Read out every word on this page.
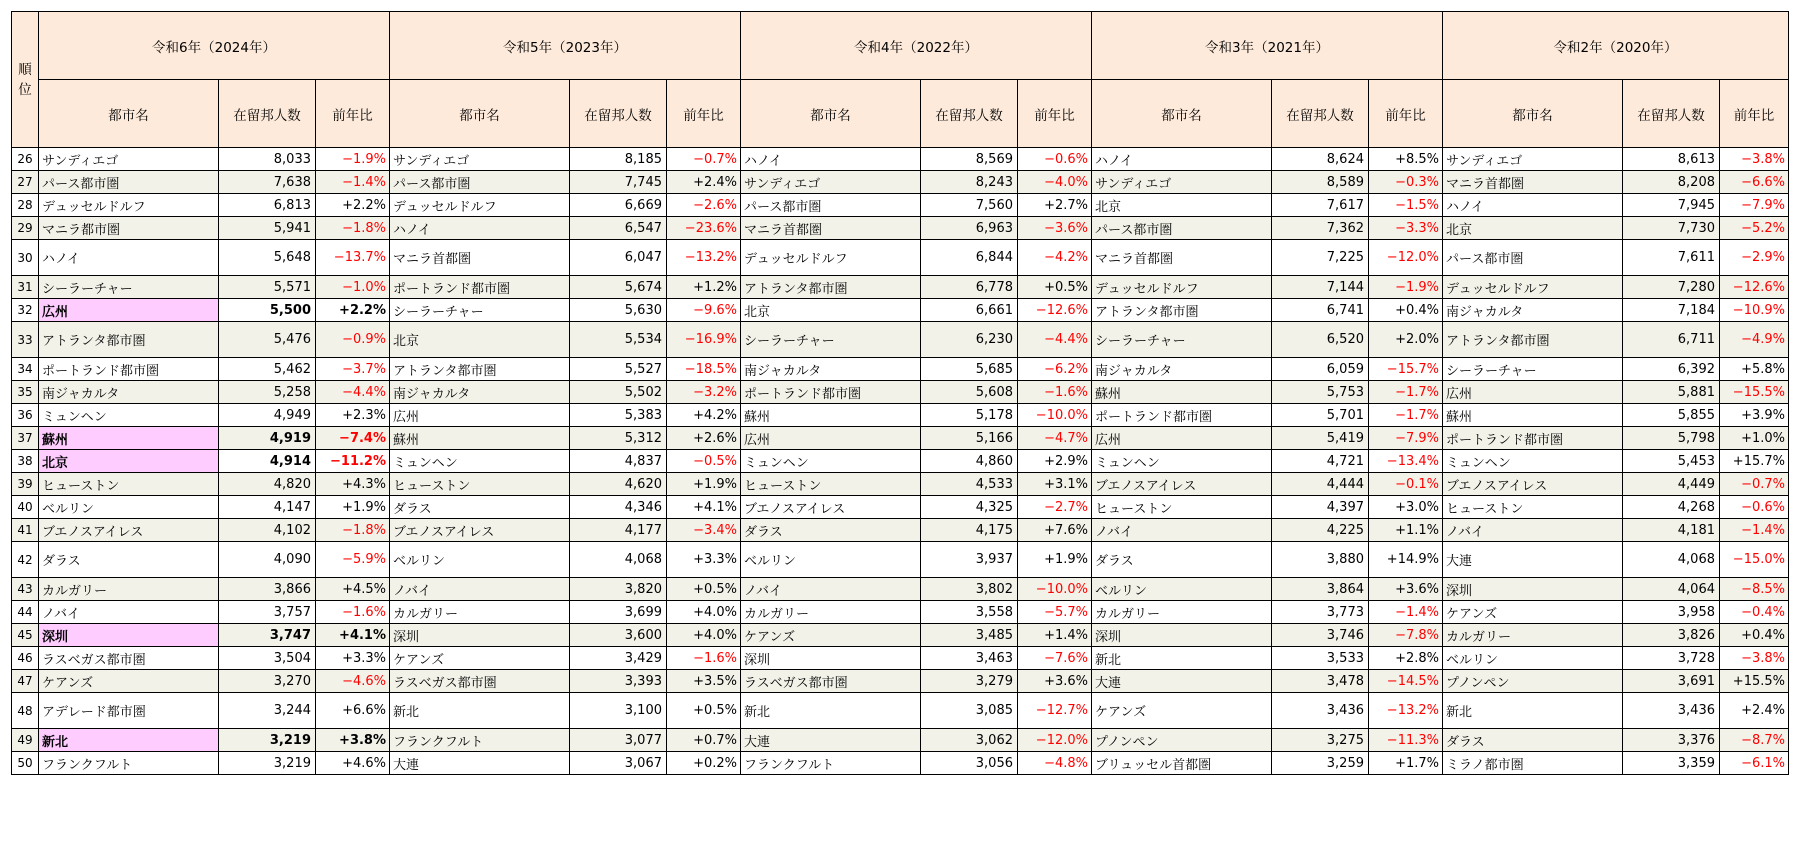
順
位	令和6年（2024年）			令和5年（2023年）			令和4年（2022年）			令和3年（2021年）			令和2年（2020年）		
	都市名	在留邦人数	前年比	都市名	在留邦人数	前年比	都市名	在留邦人数	前年比	都市名	在留邦人数	前年比	都市名	在留邦人数	前年比
26	サンディエゴ	8,033	−1.9%	サンディエゴ	8,185	−0.7%	ハノイ	8,569	−0.6%	ハノイ	8,624	+8.5%	サンディエゴ	8,613	−3.8%
27	パース都市圏	7,638	−1.4%	パース都市圏	7,745	+2.4%	サンディエゴ	8,243	−4.0%	サンディエゴ	8,589	−0.3%	マニラ首都圏	8,208	−6.6%
28	デュッセルドルフ	6,813	+2.2%	デュッセルドルフ	6,669	−2.6%	パース都市圏	7,560	+2.7%	北京	7,617	−1.5%	ハノイ	7,945	−7.9%
29	マニラ都市圏	5,941	−1.8%	ハノイ	6,547	−23.6%	マニラ首都圏	6,963	−3.6%	パース都市圏	7,362	−3.3%	北京	7,730	−5.2%
30	ハノイ	5,648	−13.7%	マニラ首都圏	6,047	−13.2%	デュッセルドルフ	6,844	−4.2%	マニラ首都圏	7,225	−12.0%	パース都市圏	7,611	−2.9%
31	シーラーチャー	5,571	−1.0%	ポートランド都市圏	5,674	+1.2%	アトランタ都市圏	6,778	+0.5%	デュッセルドルフ	7,144	−1.9%	デュッセルドルフ	7,280	−12.6%
32	広州	5,500	+2.2%	シーラーチャー	5,630	−9.6%	北京	6,661	−12.6%	アトランタ都市圏	6,741	+0.4%	南ジャカルタ	7,184	−10.9%
33	アトランタ都市圏	5,476	−0.9%	北京	5,534	−16.9%	シーラーチャー	6,230	−4.4%	シーラーチャー	6,520	+2.0%	アトランタ都市圏	6,711	−4.9%
34	ポートランド都市圏	5,462	−3.7%	アトランタ都市圏	5,527	−18.5%	南ジャカルタ	5,685	−6.2%	南ジャカルタ	6,059	−15.7%	シーラーチャー	6,392	+5.8%
35	南ジャカルタ	5,258	−4.4%	南ジャカルタ	5,502	−3.2%	ポートランド都市圏	5,608	−1.6%	蘇州	5,753	−1.7%	広州	5,881	−15.5%
36	ミュンヘン	4,949	+2.3%	広州	5,383	+4.2%	蘇州	5,178	−10.0%	ポートランド都市圏	5,701	−1.7%	蘇州	5,855	+3.9%
37	蘇州	4,919	−7.4%	蘇州	5,312	+2.6%	広州	5,166	−4.7%	広州	5,419	−7.9%	ポートランド都市圏	5,798	+1.0%
38	北京	4,914	−11.2%	ミュンヘン	4,837	−0.5%	ミュンヘン	4,860	+2.9%	ミュンヘン	4,721	−13.4%	ミュンヘン	5,453	+15.7%
39	ヒューストン	4,820	+4.3%	ヒューストン	4,620	+1.9%	ヒューストン	4,533	+3.1%	ブエノスアイレス	4,444	−0.1%	ブエノスアイレス	4,449	−0.7%
40	ベルリン	4,147	+1.9%	ダラス	4,346	+4.1%	ブエノスアイレス	4,325	−2.7%	ヒューストン	4,397	+3.0%	ヒューストン	4,268	−0.6%
41	ブエノスアイレス	4,102	−1.8%	ブエノスアイレス	4,177	−3.4%	ダラス	4,175	+7.6%	ノバイ	4,225	+1.1%	ノバイ	4,181	−1.4%
42	ダラス	4,090	−5.9%	ベルリン	4,068	+3.3%	ベルリン	3,937	+1.9%	ダラス	3,880	+14.9%	大連	4,068	−15.0%
43	カルガリー	3,866	+4.5%	ノバイ	3,820	+0.5%	ノバイ	3,802	−10.0%	ベルリン	3,864	+3.6%	深圳	4,064	−8.5%
44	ノバイ	3,757	−1.6%	カルガリー	3,699	+4.0%	カルガリー	3,558	−5.7%	カルガリー	3,773	−1.4%	ケアンズ	3,958	−0.4%
45	深圳	3,747	+4.1%	深圳	3,600	+4.0%	ケアンズ	3,485	+1.4%	深圳	3,746	−7.8%	カルガリー	3,826	+0.4%
46	ラスベガス都市圏	3,504	+3.3%	ケアンズ	3,429	−1.6%	深圳	3,463	−7.6%	新北	3,533	+2.8%	ベルリン	3,728	−3.8%
47	ケアンズ	3,270	−4.6%	ラスベガス都市圏	3,393	+3.5%	ラスベガス都市圏	3,279	+3.6%	大連	3,478	−14.5%	プノンペン	3,691	+15.5%
48	アデレード都市圏	3,244	+6.6%	新北	3,100	+0.5%	新北	3,085	−12.7%	ケアンズ	3,436	−13.2%	新北	3,436	+2.4%
49	新北	3,219	+3.8%	フランクフルト	3,077	+0.7%	大連	3,062	−12.0%	プノンペン	3,275	−11.3%	ダラス	3,376	−8.7%
50	フランクフルト	3,219	+4.6%	大連	3,067	+0.2%	フランクフルト	3,056	−4.8%	ブリュッセル首都圏	3,259	+1.7%	ミラノ都市圏	3,359	−6.1%
